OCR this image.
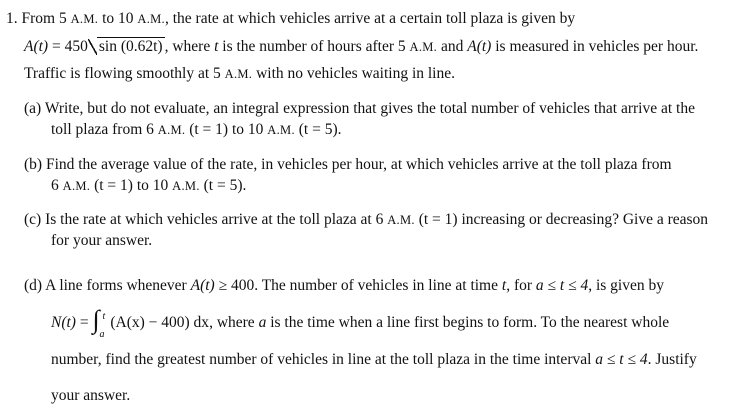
1. From 5 A.M. to 10 A.M., the rate at which vehicles arrive at a certain toll plaza is given by
A(t) = 450 sin (0.62t) , where t is the number of hours after 5 A.M. and A(t) is measured in vehicles per hour.
Traffic is flowing smoothly at 5 A.M. with no vehicles waiting in line.
(a) Write, but do not evaluate, an integral expression that gives the total number of vehicles that arrive at the
toll plaza from 6 A.M. (t = 1) to 10 A.M. (t = 5).
(b) Find the average value of the rate, in vehicles per hour, at which vehicles arrive at the toll plaza from
6 A.M. (t = 1) to 10 A.M. (t = 5).
(c) Is the rate at which vehicles arrive at the toll plaza at 6 A.M. (t = 1) increasing or decreasing? Give a reason
for your answer.
(d) A line forms whenever A(t) ≥ 400. The number of vehicles in line at time t, for a ≤ t ≤ 4, is given by
N(t) = ∫ t
a
(A(x) − 400) dx, where a is the time when a line first begins to form. To the nearest whole
number, find the greatest number of vehicles in line at the toll plaza in the time interval a ≤ t ≤ 4. Justify
your answer.
